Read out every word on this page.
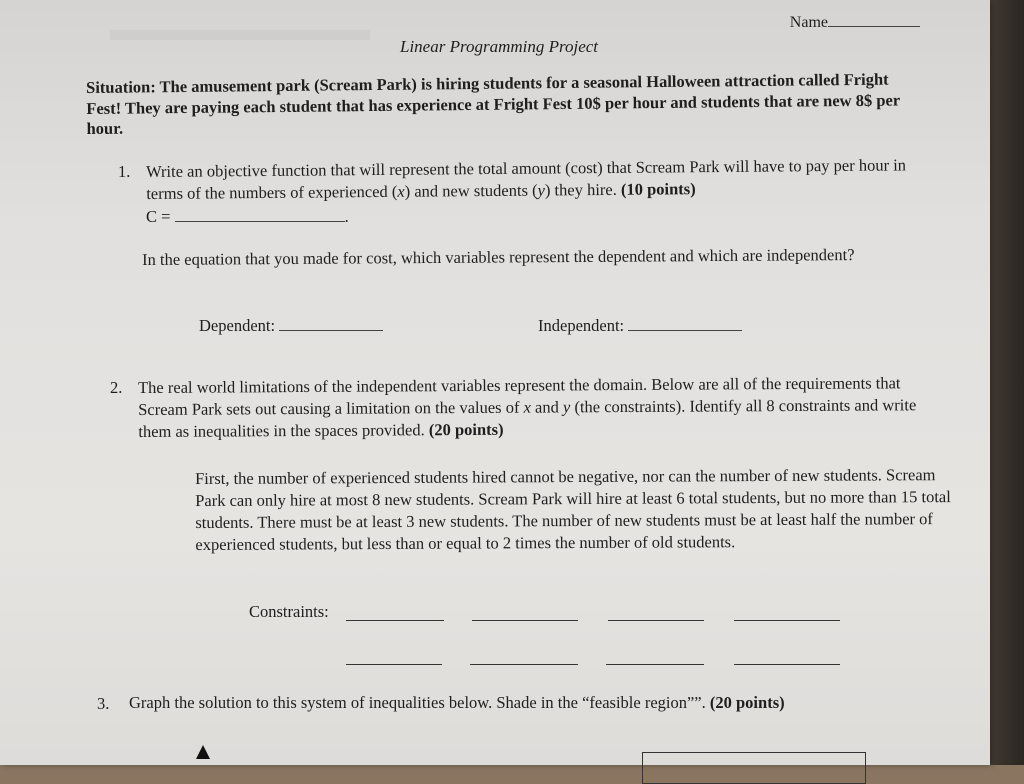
Name
Linear Programming Project
Situation: The amusement park (Scream Park) is hiring students for a seasonal Halloween attraction called Fright Fest! They are paying each student that has experience at Fright Fest 10$ per hour and students that are new 8$ per hour.
1. Write an objective function that will represent the total amount (cost) that Scream Park will have to pay per hour in terms of the numbers of experienced (x) and new students (y) they hire. (10 points)
C =	.
In the equation that you made for cost, which variables represent the dependent and which are independent?
Dependent:	Independent:
2. The real world limitations of the independent variables represent the domain. Below are all of the requirements that Scream Park sets out causing a limitation on the values of x and y (the constraints). Identify all 8 constraints and write them as inequalities in the spaces provided. (20 points)
First, the number of experienced students hired cannot be negative, nor can the number of new students. Scream Park can only hire at most 8 new students. Scream Park will hire at least 6 total students, but no more than 15 total students. There must be at least 3 new students. The number of new students must be at least half the number of experienced students, but less than or equal to 2 times the number of old students.
Constraints:
3. Graph the solution to this system of inequalities below. Shade in the “feasible region””. (20 points)
